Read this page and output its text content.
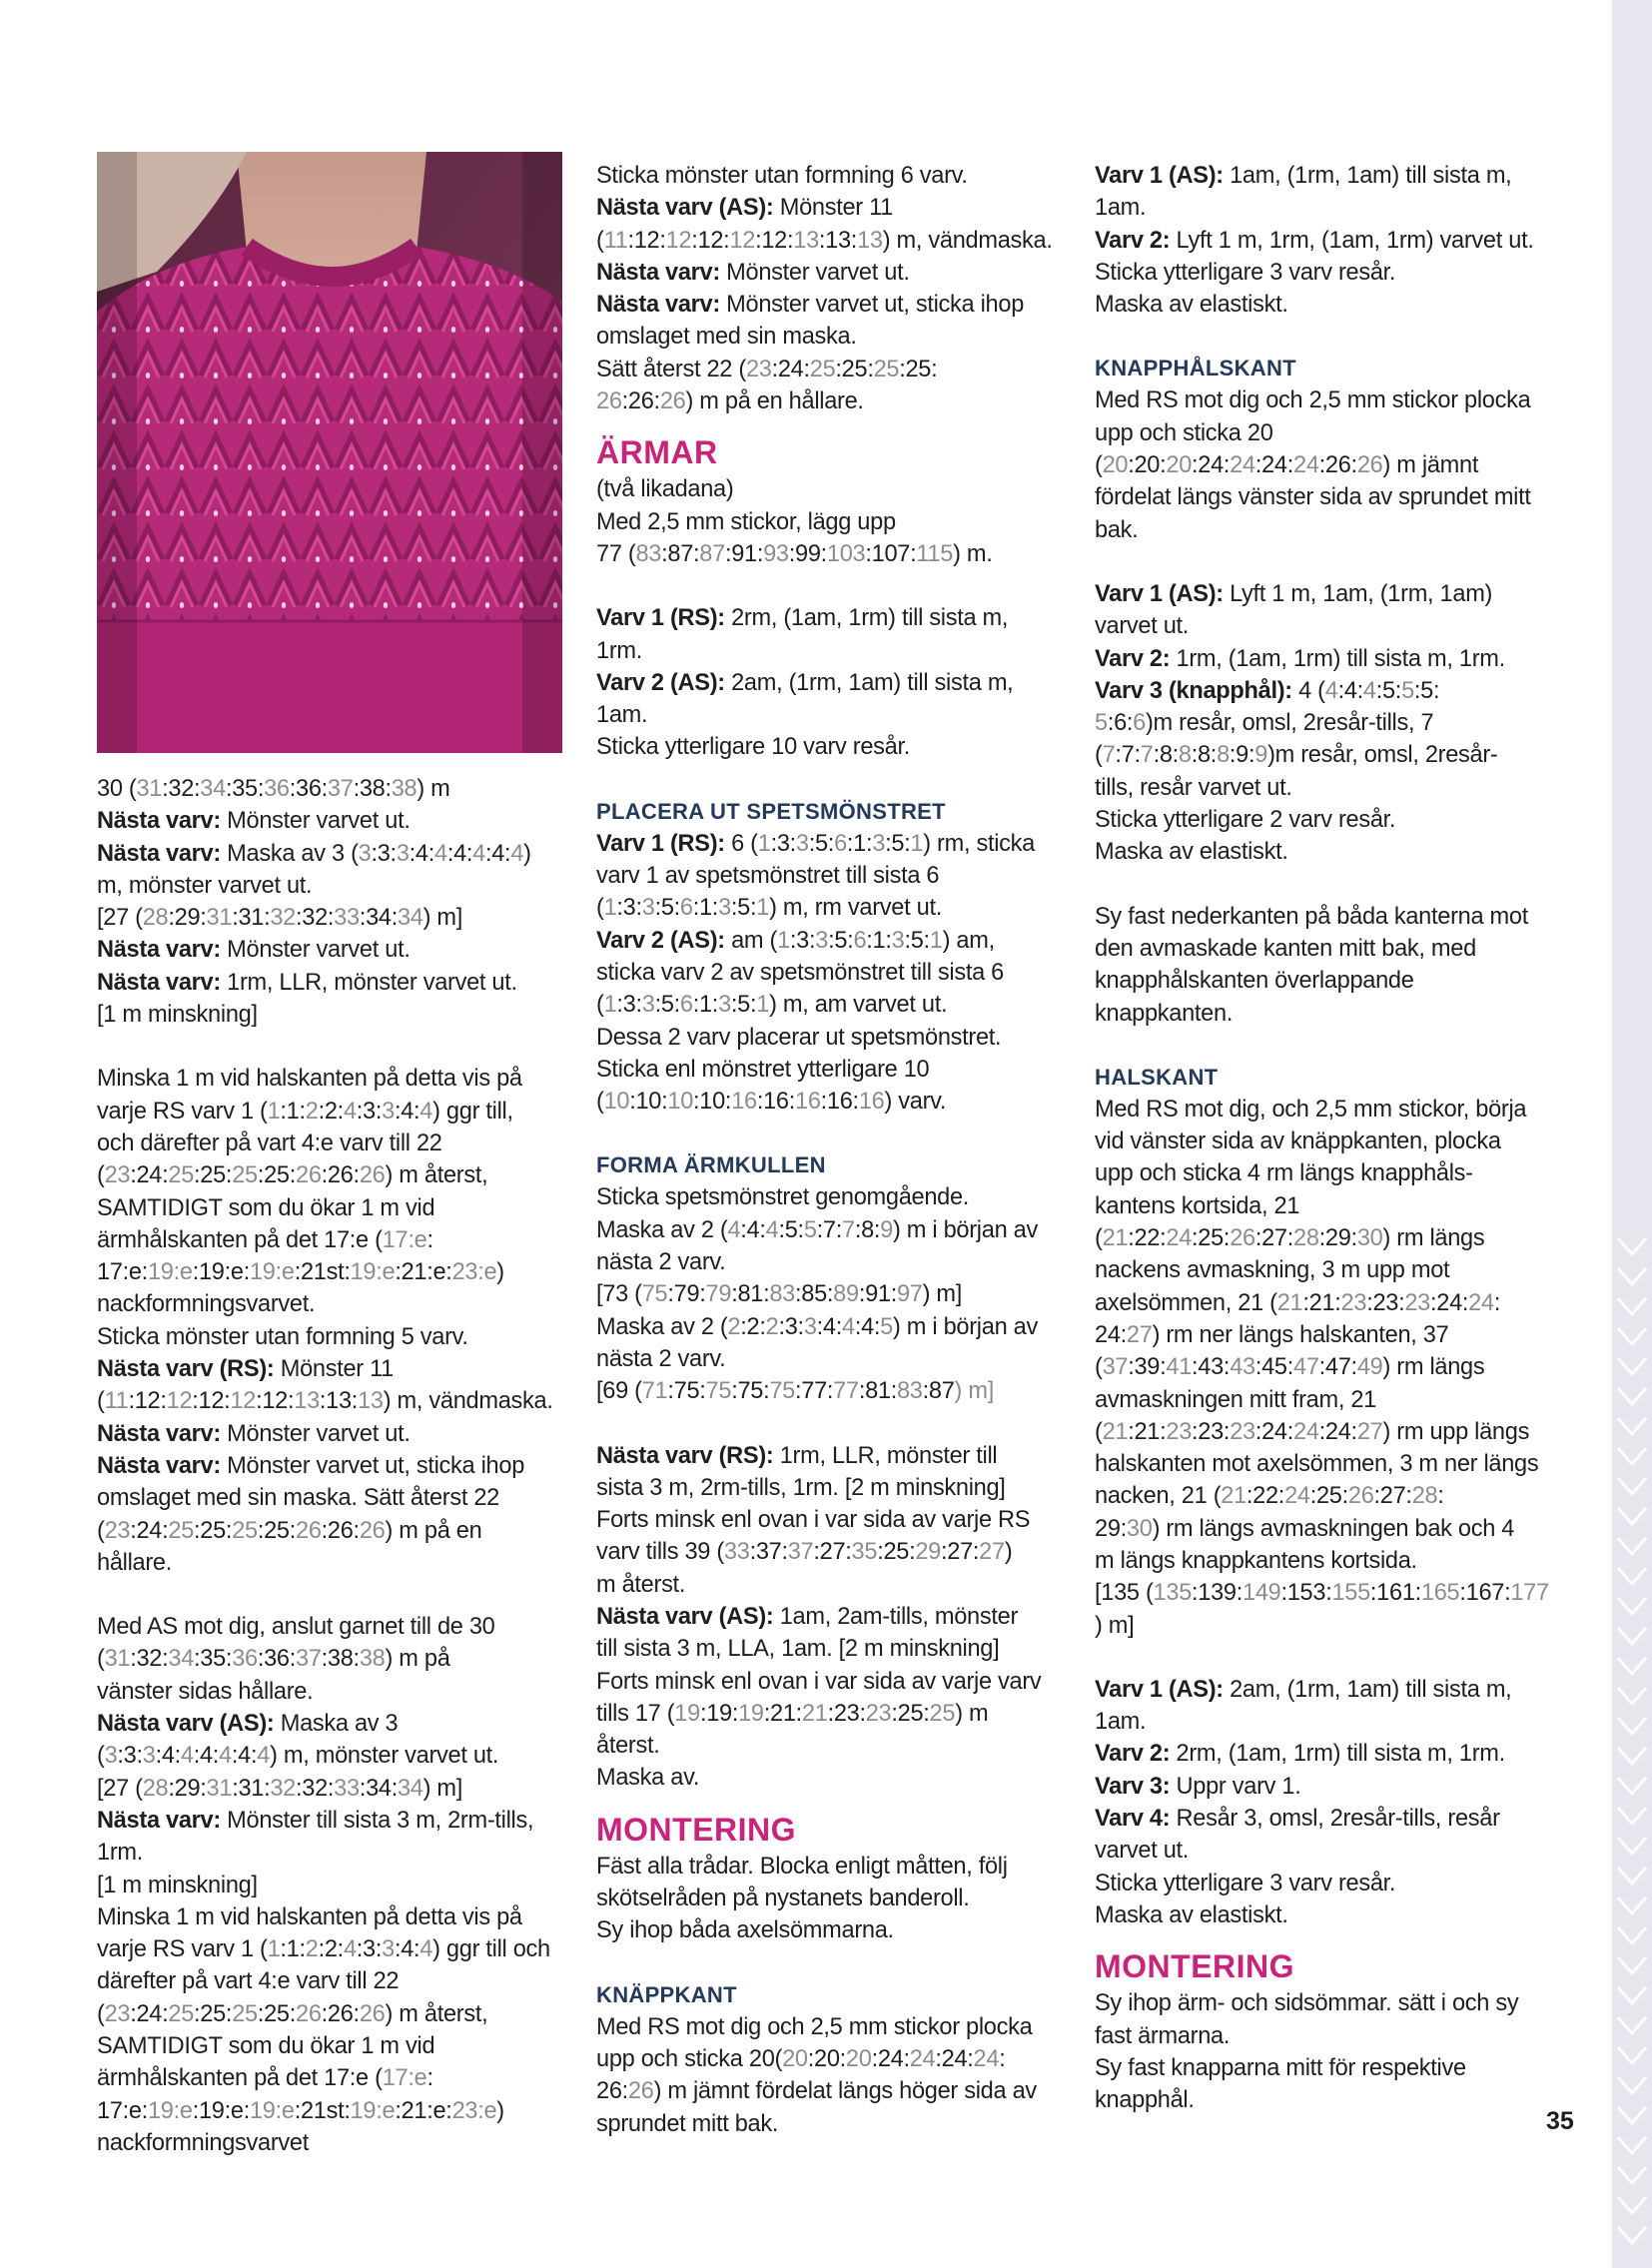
30 (31:32:34:35:36:36:37:38:38) m

Nästa varv: Mönster varvet ut.

Nästa varv: Maska av 3 (3:3:3:4:4:4:4:4:4)

m, mönster varvet ut.

[27 (28:29:31:31:32:32:33:34:34) m]

Nästa varv: Mönster varvet ut.

Nästa varv: 1rm, LLR, mönster varvet ut.

[1 m minskning]

Minska 1 m vid halskanten på detta vis på

varje RS varv 1 (1:1:2:2:4:3:3:4:4) ggr till,

och därefter på vart 4:e varv till 22

(23:24:25:25:25:25:26:26:26) m återst,

SAMTIDIGT som du ökar 1 m vid

ärmhålskanten på det 17:e (17:e:

17:e:19:e:19:e:19:e:21st:19:e:21:e:23:e)

nackformningsvarvet.

Sticka mönster utan formning 5 varv.

Nästa varv (RS): Mönster 11

(11:12:12:12:12:12:13:13:13) m, vändmaska.

Nästa varv: Mönster varvet ut.

Nästa varv: Mönster varvet ut, sticka ihop

omslaget med sin maska. Sätt återst 22

(23:24:25:25:25:25:26:26:26) m på en

hållare.

Med AS mot dig, anslut garnet till de 30

(31:32:34:35:36:36:37:38:38) m på

vänster sidas hållare.

Nästa varv (AS): Maska av 3

(3:3:3:4:4:4:4:4:4) m, mönster varvet ut.

[27 (28:29:31:31:32:32:33:34:34) m]

Nästa varv: Mönster till sista 3 m, 2rm-tills,

1rm.

[1 m minskning]

Minska 1 m vid halskanten på detta vis på

varje RS varv 1 (1:1:2:2:4:3:3:4:4) ggr till och

därefter på vart 4:e varv till 22

(23:24:25:25:25:25:26:26:26) m återst,

SAMTIDIGT som du ökar 1 m vid

ärmhålskanten på det 17:e (17:e:

17:e:19:e:19:e:19:e:21st:19:e:21:e:23:e)

nackformningsvarvet

Sticka mönster utan formning 6 varv.

Nästa varv (AS): Mönster 11

(11:12:12:12:12:12:13:13:13) m, vändmaska.

Nästa varv: Mönster varvet ut.

Nästa varv: Mönster varvet ut, sticka ihop

omslaget med sin maska.

Sätt återst 22 (23:24:25:25:25:25:

26:26:26) m på en hållare.

ÄRMAR

(två likadana)

Med 2,5 mm stickor, lägg upp

77 (83:87:87:91:93:99:103:107:115) m.

Varv 1 (RS): 2rm, (1am, 1rm) till sista m,

1rm.

Varv 2 (AS): 2am, (1rm, 1am) till sista m,

1am.

Sticka ytterligare 10 varv resår.

PLACERA UT SPETSMÖNSTRET

Varv 1 (RS): 6 (1:3:3:5:6:1:3:5:1) rm, sticka

varv 1 av spetsmönstret till sista 6

(1:3:3:5:6:1:3:5:1) m, rm varvet ut.

Varv 2 (AS): am (1:3:3:5:6:1:3:5:1) am,

sticka varv 2 av spetsmönstret till sista 6

(1:3:3:5:6:1:3:5:1) m, am varvet ut.

Dessa 2 varv placerar ut spetsmönstret.

Sticka enl mönstret ytterligare 10

(10:10:10:10:16:16:16:16:16) varv.

FORMA ÄRMKULLEN

Sticka spetsmönstret genomgående.

Maska av 2 (4:4:4:5:5:7:7:8:9) m i början av

nästa 2 varv.

[73 (75:79:79:81:83:85:89:91:97) m]

Maska av 2 (2:2:2:3:3:4:4:4:5) m i början av

nästa 2 varv.

[69 (71:75:75:75:75:77:77:81:83:87) m]

Nästa varv (RS): 1rm, LLR, mönster till

sista 3 m, 2rm-tills, 1rm. [2 m minskning]

Forts minsk enl ovan i var sida av varje RS

varv tills 39 (33:37:37:27:35:25:29:27:27)

m återst.

Nästa varv (AS): 1am, 2am-tills, mönster

till sista 3 m, LLA, 1am. [2 m minskning]

Forts minsk enl ovan i var sida av varje varv

tills 17 (19:19:19:21:21:23:23:25:25) m

återst.

Maska av.

MONTERING

Fäst alla trådar. Blocka enligt måtten, följ

skötselråden på nystanets banderoll.

Sy ihop båda axelsömmarna.

KNÄPPKANT

Med RS mot dig och 2,5 mm stickor plocka

upp och sticka 20(20:20:20:24:24:24:24:

26:26) m jämnt fördelat längs höger sida av

sprundet mitt bak.

Varv 1 (AS): 1am, (1rm, 1am) till sista m,

1am.

Varv 2: Lyft 1 m, 1rm, (1am, 1rm) varvet ut.

Sticka ytterligare 3 varv resår.

Maska av elastiskt.

KNAPPHÅLSKANT

Med RS mot dig och 2,5 mm stickor plocka

upp och sticka 20

(20:20:20:24:24:24:24:26:26) m jämnt

fördelat längs vänster sida av sprundet mitt

bak.

Varv 1 (AS): Lyft 1 m, 1am, (1rm, 1am)

varvet ut.

Varv 2: 1rm, (1am, 1rm) till sista m, 1rm.

Varv 3 (knapphål): 4 (4:4:4:5:5:5:

5:6:6)m resår, omsl, 2resår-tills, 7

(7:7:7:8:8:8:8:9:9)m resår, omsl, 2resår-

tills, resår varvet ut.

Sticka ytterligare 2 varv resår.

Maska av elastiskt.

Sy fast nederkanten på båda kanterna mot

den avmaskade kanten mitt bak, med

knapphålskanten överlappande

knappkanten.

HALSKANT

Med RS mot dig, och 2,5 mm stickor, börja

vid vänster sida av knäppkanten, plocka

upp och sticka 4 rm längs knapphåls-

kantens kortsida, 21

(21:22:24:25:26:27:28:29:30) rm längs

nackens avmaskning, 3 m upp mot

axelsömmen, 21 (21:21:23:23:23:24:24:

24:27) rm ner längs halskanten, 37

(37:39:41:43:43:45:47:47:49) rm längs

avmaskningen mitt fram, 21

(21:21:23:23:23:24:24:24:27) rm upp längs

halskanten mot axelsömmen, 3 m ner längs

nacken, 21 (21:22:24:25:26:27:28:

29:30) rm längs avmaskningen bak och 4

m längs knappkantens kortsida.

[135 (135:139:149:153:155:161:165:167:177

) m]

Varv 1 (AS): 2am, (1rm, 1am) till sista m,

1am.

Varv 2: 2rm, (1am, 1rm) till sista m, 1rm.

Varv 3: Uppr varv 1.

Varv 4: Resår 3, omsl, 2resår-tills, resår

varvet ut.

Sticka ytterligare 3 varv resår.

Maska av elastiskt.

MONTERING

Sy ihop ärm- och sidsömmar. sätt i och sy

fast ärmarna.

Sy fast knapparna mitt för respektive

knapphål.

35
